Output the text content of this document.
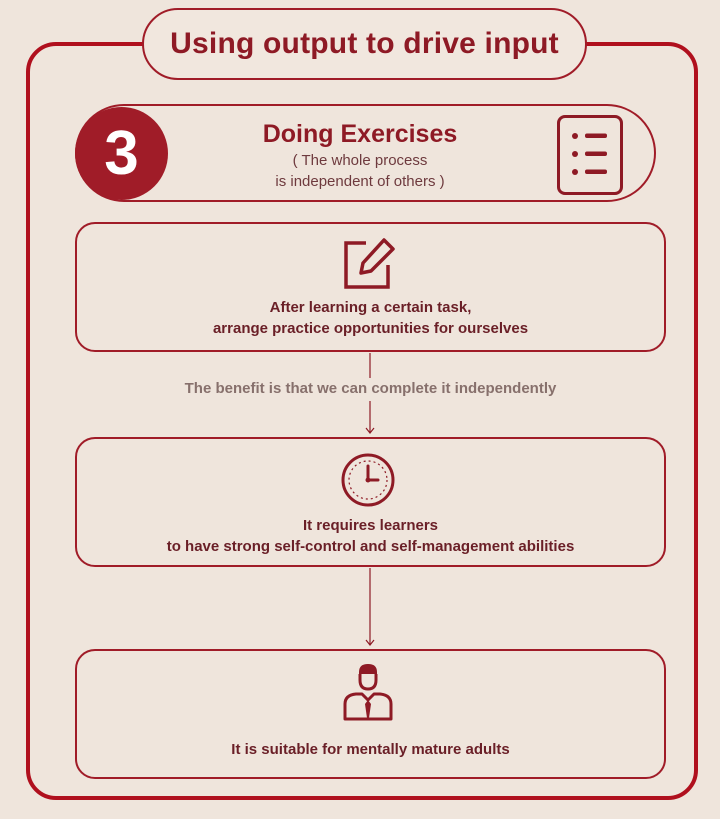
Using output to drive input
3	Doing Exercises
( The whole process
is independent of others )
After learning a certain task,
arrange practice opportunities for ourselves
The benefit is that we can complete it independently
It requires learners
to have strong self-control and self-management abilities
It is suitable for mentally mature adults
